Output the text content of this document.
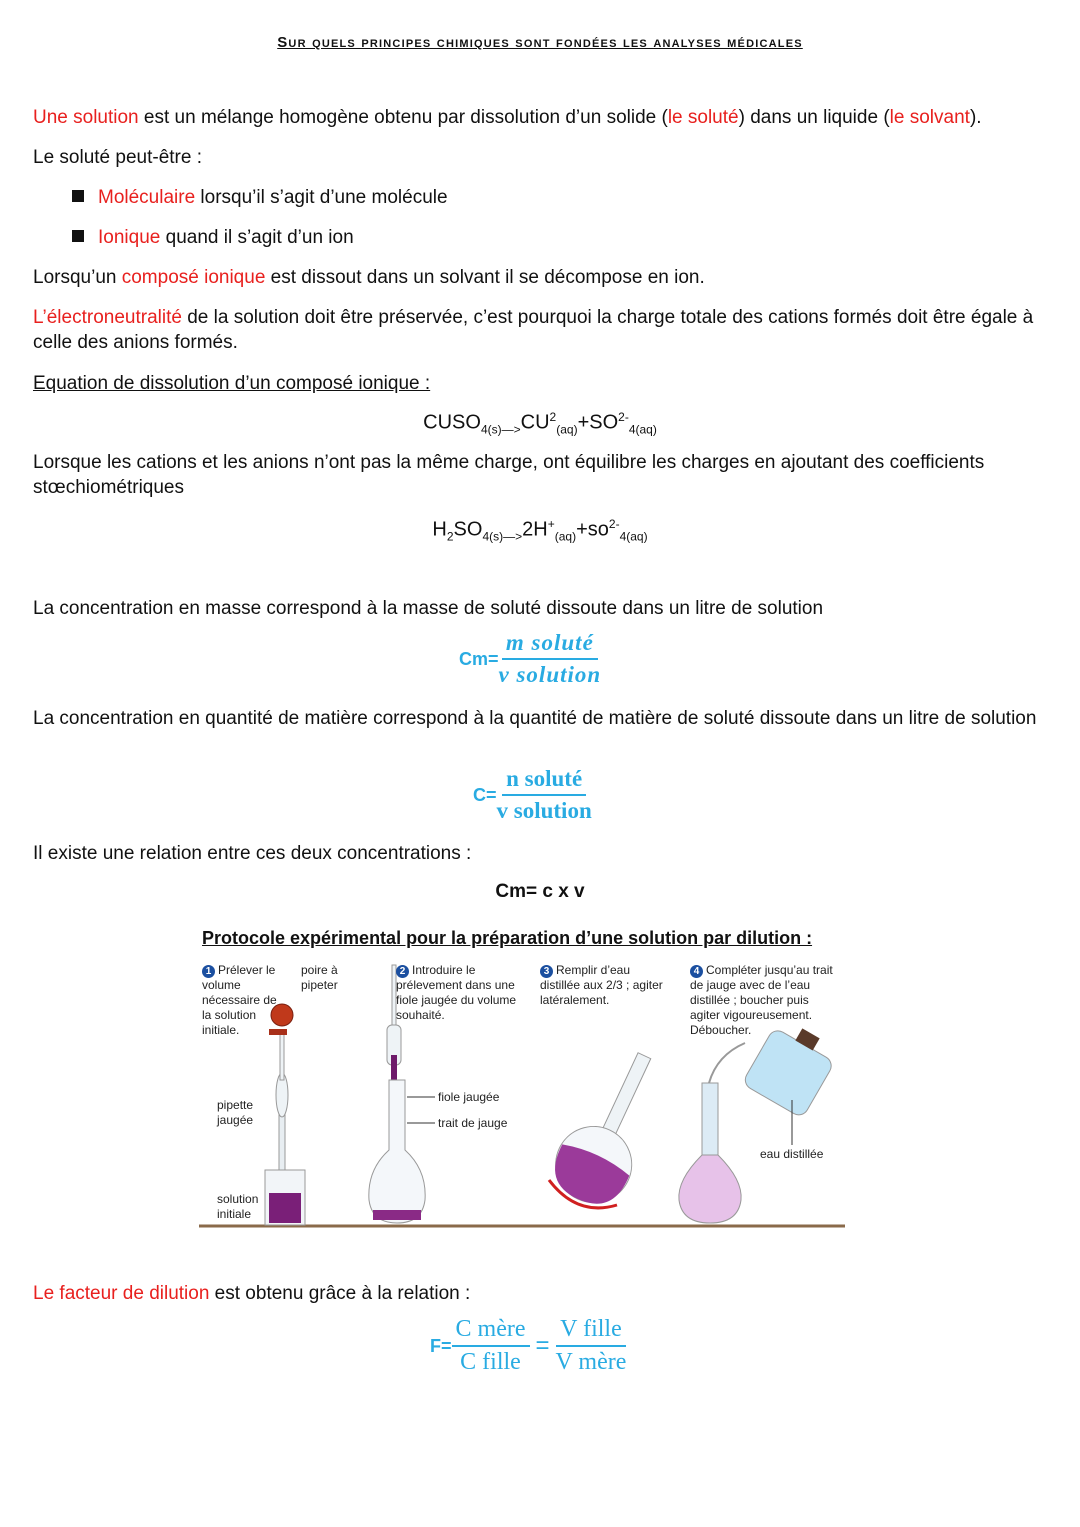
Sur quels principes chimiques sont fondées les analyses médicales
Une solution est un mélange homogène obtenu par dissolution d’un solide (le soluté) dans un liquide (le solvant).
Le soluté peut-être :
Moléculaire lorsqu’il s’agit d’une molécule
Ionique quand il s’agit d’un ion
Lorsqu’un composé ionique est dissout dans un solvant il se décompose en ion.
L’électroneutralité de la solution doit être préservée, c’est pourquoi la charge totale des cations formés doit être égale à celle des anions formés.
Equation de dissolution d’un composé ionique :
$CUSO_{4(s)—>}CU^2_{(aq)}+SO^{2-}_{4(aq)}$
Lorsque les cations et les anions n’ont pas la même charge, ont équilibre les charges en ajoutant des coefficients stœchiométriques
$H_2SO_{4(s)—>}2H^+_{(aq)}+so^{2-}_{4(aq)}$
La concentration en masse correspond à la masse de soluté dissoute dans un litre de solution
$Cm= \frac{\text{m soluté}}{\text{v solution}}$
La concentration en quantité de matière correspond à la quantité de matière de soluté dissoute dans un litre de solution
$C= \frac{\text{n soluté}}{\text{v solution}}$
Il existe une relation entre ces deux concentrations :
Cm= c x v
Protocole expérimental pour la préparation d’une solution par dilution :
1 Prélever le volume nécessaire de la solution initiale.
poire à pipeter
pipette jaugée
solution initiale
2 Introduire le prélevement dans une fiole jaugée du volume souhaité.
fiole jaugée
trait de jauge
3 Remplir d’eau distillée aux 2/3 ; agiter latéralement.
4 Compléter jusqu’au trait de jauge avec de l’eau distillée ; boucher puis agiter vigoureusement. Déboucher.
eau distillée
Le facteur de dilution est obtenu grâce à la relation :
$F= \frac{\text{C mère}}{\text{C fille}} = \frac{\text{V fille}}{\text{V mère}}$
